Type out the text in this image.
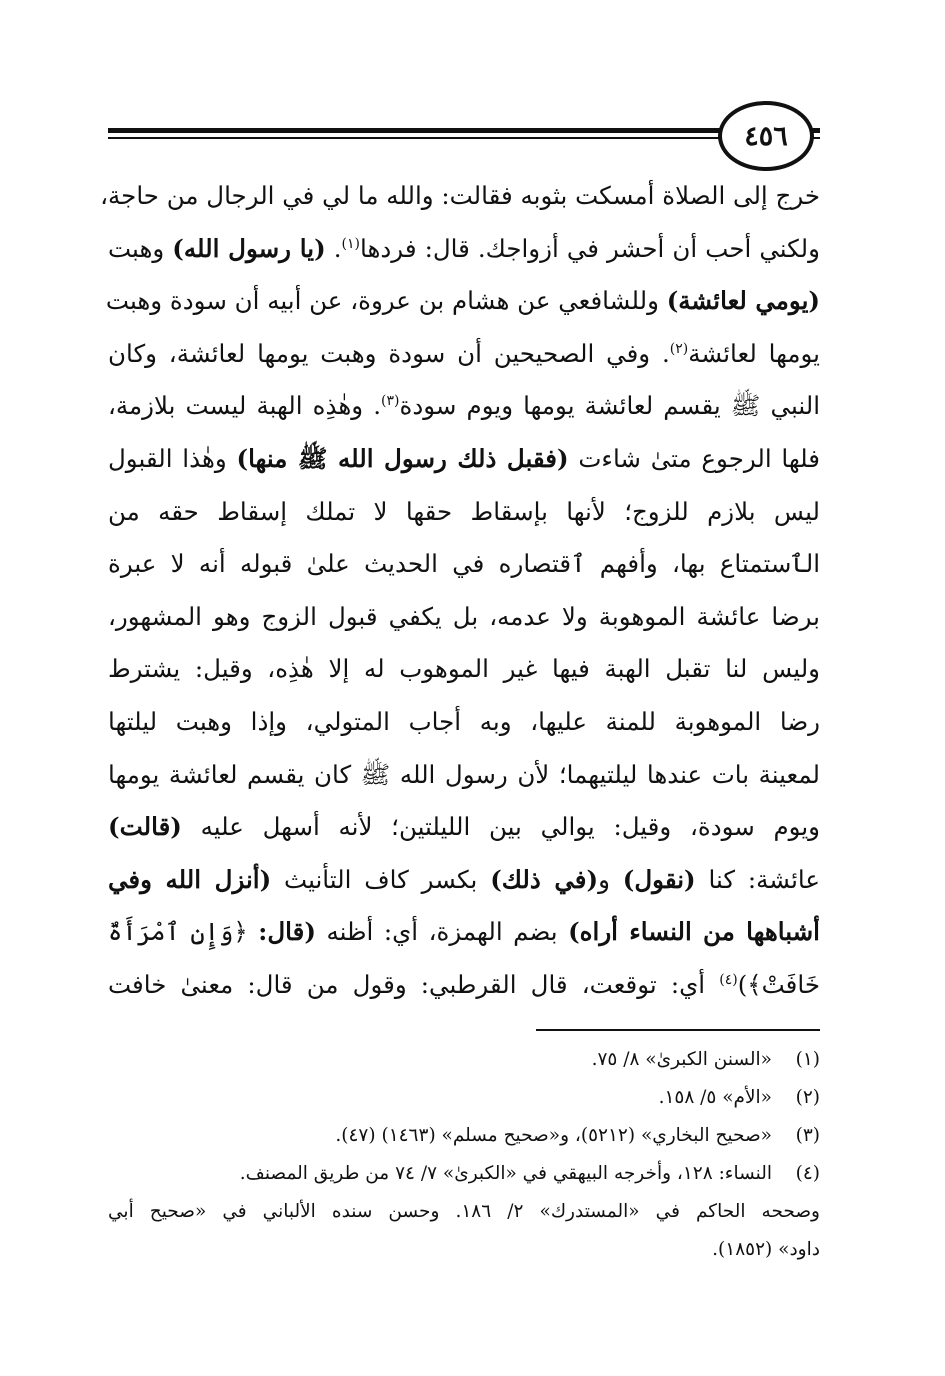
٤٥٦
خرج إلى الصلاة أمسكت بثوبه فقالت: والله ما لي في الرجال من حاجة،
ولكني أحب أن أحشر في أزواجك. قال: فردها$^{(١)}$. (يا رسول الله) وهبت
(يومي لعائشة) وللشافعي عن هشام بن عروة، عن أبيه أن سودة وهبت
يومها لعائشة$^{(٢)}$. وفي الصحيحين أن سودة وهبت يومها لعائشة، وكان
النبي ﷺ يقسم لعائشة يومها ويوم سودة$^{(٣)}$. وهٰذِه الهبة ليست بلازمة،
فلها الرجوع متىٰ شاءت (فقبل ذلك رسول الله ﷺ منها) وهٰذا القبول
ليس بلازم للزوج؛ لأنها بإسقاط حقها لا تملك إسقاط حقه من
الٱستمتاع بها، وأفهم ٱقتصاره في الحديث علىٰ قبوله أنه لا عبرة
برضا عائشة الموهوبة ولا عدمه، بل يكفي قبول الزوج وهو المشهور،
وليس لنا تقبل الهبة فيها غير الموهوب له إلا هٰذِه، وقيل: يشترط
رضا الموهوبة للمنة عليها، وبه أجاب المتولي، وإذا وهبت ليلتها
لمعينة بات عندها ليلتيهما؛ لأن رسول الله ﷺ كان يقسم لعائشة يومها
ويوم سودة، وقيل: يوالي بين الليلتين؛ لأنه أسهل عليه (قالت)
عائشة: كنا (نقول) و(في ذلك) بكسر كاف التأنيث (أنزل الله وفي
أشباهها من النساء أراه) بضم الهمزة، أي: أظنه (قال: ﴿وَإِنِ ٱمْرَأَةٌ
خَافَتْ﴾)$^{(٤)}$ أي: توقعت، قال القرطبي: وقول من قال: معنىٰ خافت
(١)
«السنن الكبرىٰ» ٨/ ٧٥.
(٢)
«الأم» ٥/ ١٥٨.
(٣)
«صحيح البخاري» (٥٢١٢)، و«صحيح مسلم» (١٤٦٣) (٤٧).
(٤)
النساء: ١٢٨، وأخرجه البيهقي في «الكبرىٰ» ٧/ ٧٤ من طريق المصنف.
وصححه الحاكم في «المستدرك» ٢/ ١٨٦. وحسن سنده الألباني في «صحيح أبي
داود» (١٨٥٢).
